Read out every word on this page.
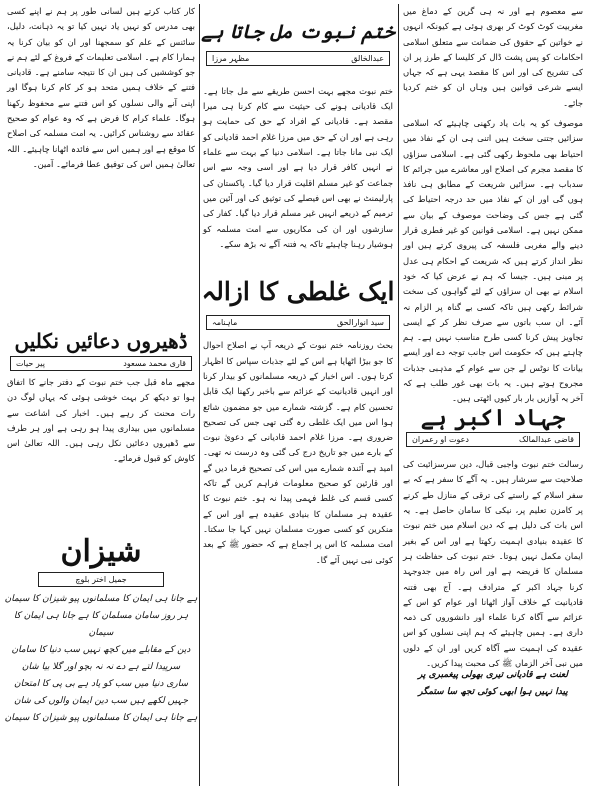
سے معصوم ہے اور نہ ہی گرین کے دماغ میں مغربیت کوٹ کوٹ کر بھری ہوئی ہے کیونکہ انہوں نے خواتین کے حقوق کی ضمانت سے متعلق اسلامی احکامات کو پس پشت ڈال کر کلیسا کے طرز پر ان کی تشریح کی اور اس کا مقصد یہی ہے کہ جہاں ایسے شرعی قوانین ہیں وہاں ان کو ختم کردیا جائے۔

موصوف کو یہ بات یاد رکھنی چاہیئے کہ اسلامی سزائیں جتنی سخت ہیں اتنی ہی ان کے نفاذ میں احتیاط بھی ملحوظ رکھی گئی ہے۔ اسلامی سزاؤں کا مقصد مجرم کی اصلاح اور معاشرے میں جرائم کا سدباب ہے۔ سزائیں شریعت کے مطابق ہی نافذ ہوں گی اور ان کے نفاذ میں حد درجہ احتیاط کی گئی ہے جس کی وضاحت موصوف کے بیان سے ممکن نہیں ہے۔ اسلامی قوانین کو غیر فطری قرار دینے والے مغربی فلسفہ کی پیروی کرتے ہیں اور نظر انداز کرتے ہیں کہ شریعت کے احکام ہی عدل پر مبنی ہیں۔ جیسا کہ ہم نے عرض کیا کہ خود اسلام نے بھی ان سزاؤں کے لئے گواہوں کی سخت شرائط رکھی ہیں تاکہ کسی بے گناہ پر الزام نہ آئے۔ ان سب باتوں سے صرف نظر کر کے ایسی تجاویز پیش کرنا کسی طرح مناسب نہیں ہے۔ ہم چاہتے ہیں کہ حکومت اس جانب توجہ دے اور ایسے بیانات کا نوٹس لے جن سے عوام کے مذہبی جذبات مجروح ہوتے ہیں۔ یہ بات بھی غور طلب ہے کہ آخر یہ آوازیں بار بار کیوں اٹھتی ہیں۔

جہاد اکبر ہے
قاضی عبدالمالک
دعوت او رعمران

رسالت ختم نبوت واجبی قبال، دین سرسزائیت کی صلاحیت سے سرشار ہیں۔ یہ آگے کا سفر ہے کہ بے سفر اسلام کے راستے کی ترقی کے منازل طے کرنے پر کامزن تعلیم پر، نیکی کا سامان حاصل ہے۔ یہ اس بات کی دلیل ہے کہ دین اسلام میں ختم نبوت کا عقیدہ بنیادی اہمیت رکھتا ہے اور اس کے بغیر ایمان مکمل نہیں ہوتا۔ ختم نبوت کی حفاظت ہر مسلمان کا فریضہ ہے اور اس راہ میں جدوجہد کرنا جہاد اکبر کے مترادف ہے۔ آج بھی فتنہ قادیانیت کے خلاف آواز اٹھانا اور عوام کو اس کے عزائم سے آگاہ کرنا علماء اور دانشوروں کی ذمہ داری ہے۔ ہمیں چاہیئے کہ ہم اپنی نسلوں کو اس عقیدہ کی اہمیت سے آگاہ کریں اور ان کے دلوں میں نبی آخر الزماں ﷺ کی محبت پیدا کریں۔

لعنت ہے قادیانی تیری بھولی پیغمبری پر

پیدا نہیں ہوا ابھی کوئی تجھ سا ستمگر

ختم نبوت مل جاتا ہے
عبدالخالق
مظہر مرزا

ختم نبوت مجھے بہت احسن طریقے سے مل جاتا ہے۔ ایک قادیانی ہونے کی حیثیت سے کام کرنا ہی میرا مقصد ہے۔ قادیانی کے افراد کے حق کی حمایت ہو رہی ہے اور ان کے حق میں مرزا غلام احمد قادیانی کو ایک نبی مانا جاتا ہے۔ اسلامی دنیا کے بہت سے علماء نے انہیں کافر قرار دیا ہے اور اسی وجہ سے اس جماعت کو غیر مسلم اقلیت قرار دیا گیا۔ پاکستان کی پارلیمنٹ نے بھی اس فیصلے کی توثیق کی اور آئین میں ترمیم کے ذریعے انہیں غیر مسلم قرار دیا گیا۔ کفار کی سازشوں اور ان کی مکاریوں سے امت مسلمہ کو ہوشیار رہنا چاہیئے تاکہ یہ فتنہ آگے نہ بڑھ سکے۔

ایک غلطی کا ازالہ
سید انوارالحق
ماہنامہ

بحث روزنامہ ختم نبوت کے ذریعہ آپ نے اصلاح احوال کا جو بیڑا اٹھایا ہے اس کے لئے جذبات سپاس کا اظہار کرتا ہوں۔ اس اخبار کے ذریعہ مسلمانوں کو بیدار کرنا اور انہیں قادیانیت کے عزائم سے باخبر رکھنا ایک قابل تحسین کام ہے۔ گزشتہ شمارے میں جو مضمون شائع ہوا اس میں ایک غلطی رہ گئی تھی جس کی تصحیح ضروری ہے۔ مرزا غلام احمد قادیانی کے دعویٰ نبوت کے بارے میں جو تاریخ درج کی گئی وہ درست نہ تھی۔ امید ہے آئندہ شمارے میں اس کی تصحیح فرما دیں گے اور قارئین کو صحیح معلومات فراہم کریں گے تاکہ کسی قسم کی غلط فہمی پیدا نہ ہو۔ ختم نبوت کا عقیدہ ہر مسلمان کا بنیادی عقیدہ ہے اور اس کے منکرین کو کسی صورت مسلمان نہیں کہا جا سکتا۔ امت مسلمہ کا اس پر اجماع ہے کہ حضور ﷺ کے بعد کوئی نبی نہیں آئے گا۔

کار کتاب کرتے ہیں لسانی طور پر ہم نے اپنے کسی بھی مدرس کو نہیں یاد نہیں کیا تو یہ ذہانت، دلیل، سائنس کے علم کو سمجھنا اور ان کو بیان کرنا یہ ہمارا کام ہے۔ اسلامی تعلیمات کے فروغ کے لئے ہم نے جو کوششیں کی ہیں ان کا نتیجہ سامنے ہے۔ قادیانی فتنے کے خلاف ہمیں متحد ہو کر کام کرنا ہوگا اور اپنی آنے والی نسلوں کو اس فتنے سے محفوظ رکھنا ہوگا۔ علماء کرام کا فرض ہے کہ وہ عوام کو صحیح عقائد سے روشناس کرائیں۔ یہ امت مسلمہ کی اصلاح کا موقع ہے اور ہمیں اس سے فائدہ اٹھانا چاہیئے۔ اللہ تعالیٰ ہمیں اس کی توفیق عطا فرمائے۔ آمین۔

ڈھیروں دعائیں نکلیں
قاری محمد مسعود
پیر حیات

مجھے ماہ قبل جب ختم نبوت کے دفتر جانے کا اتفاق ہوا تو دیکھ کر بہت خوشی ہوئی کہ یہاں لوگ دن رات محنت کر رہے ہیں۔ اخبار کی اشاعت سے مسلمانوں میں بیداری پیدا ہو رہی ہے اور ہر طرف سے ڈھیروں دعائیں نکل رہی ہیں۔ اللہ تعالیٰ اس کاوش کو قبول فرمائے۔

شیزان
جمیل اختر بلوچ

ہے جانا ہی ایمان کا مسلمانوں پیو شیزان کا سیمان

ہر روز سامان مسلمان کا ہے جانا ہی ایمان کا سیمان

دین کے مقابلے میں کچھ نہیں سب دنیا کا سامان

سرپیدا لتے ہے دے نہ نہ بچو اور گلا بیا شان

ساری دنیا میں سب کو یاد ہے بی پی کا امتحان

جہیں لکھے ہیں سب دین ایمان والوں کی شان

ہے جانا ہی ایمان کا مسلمانوں پیو شیزان کا سیمان
